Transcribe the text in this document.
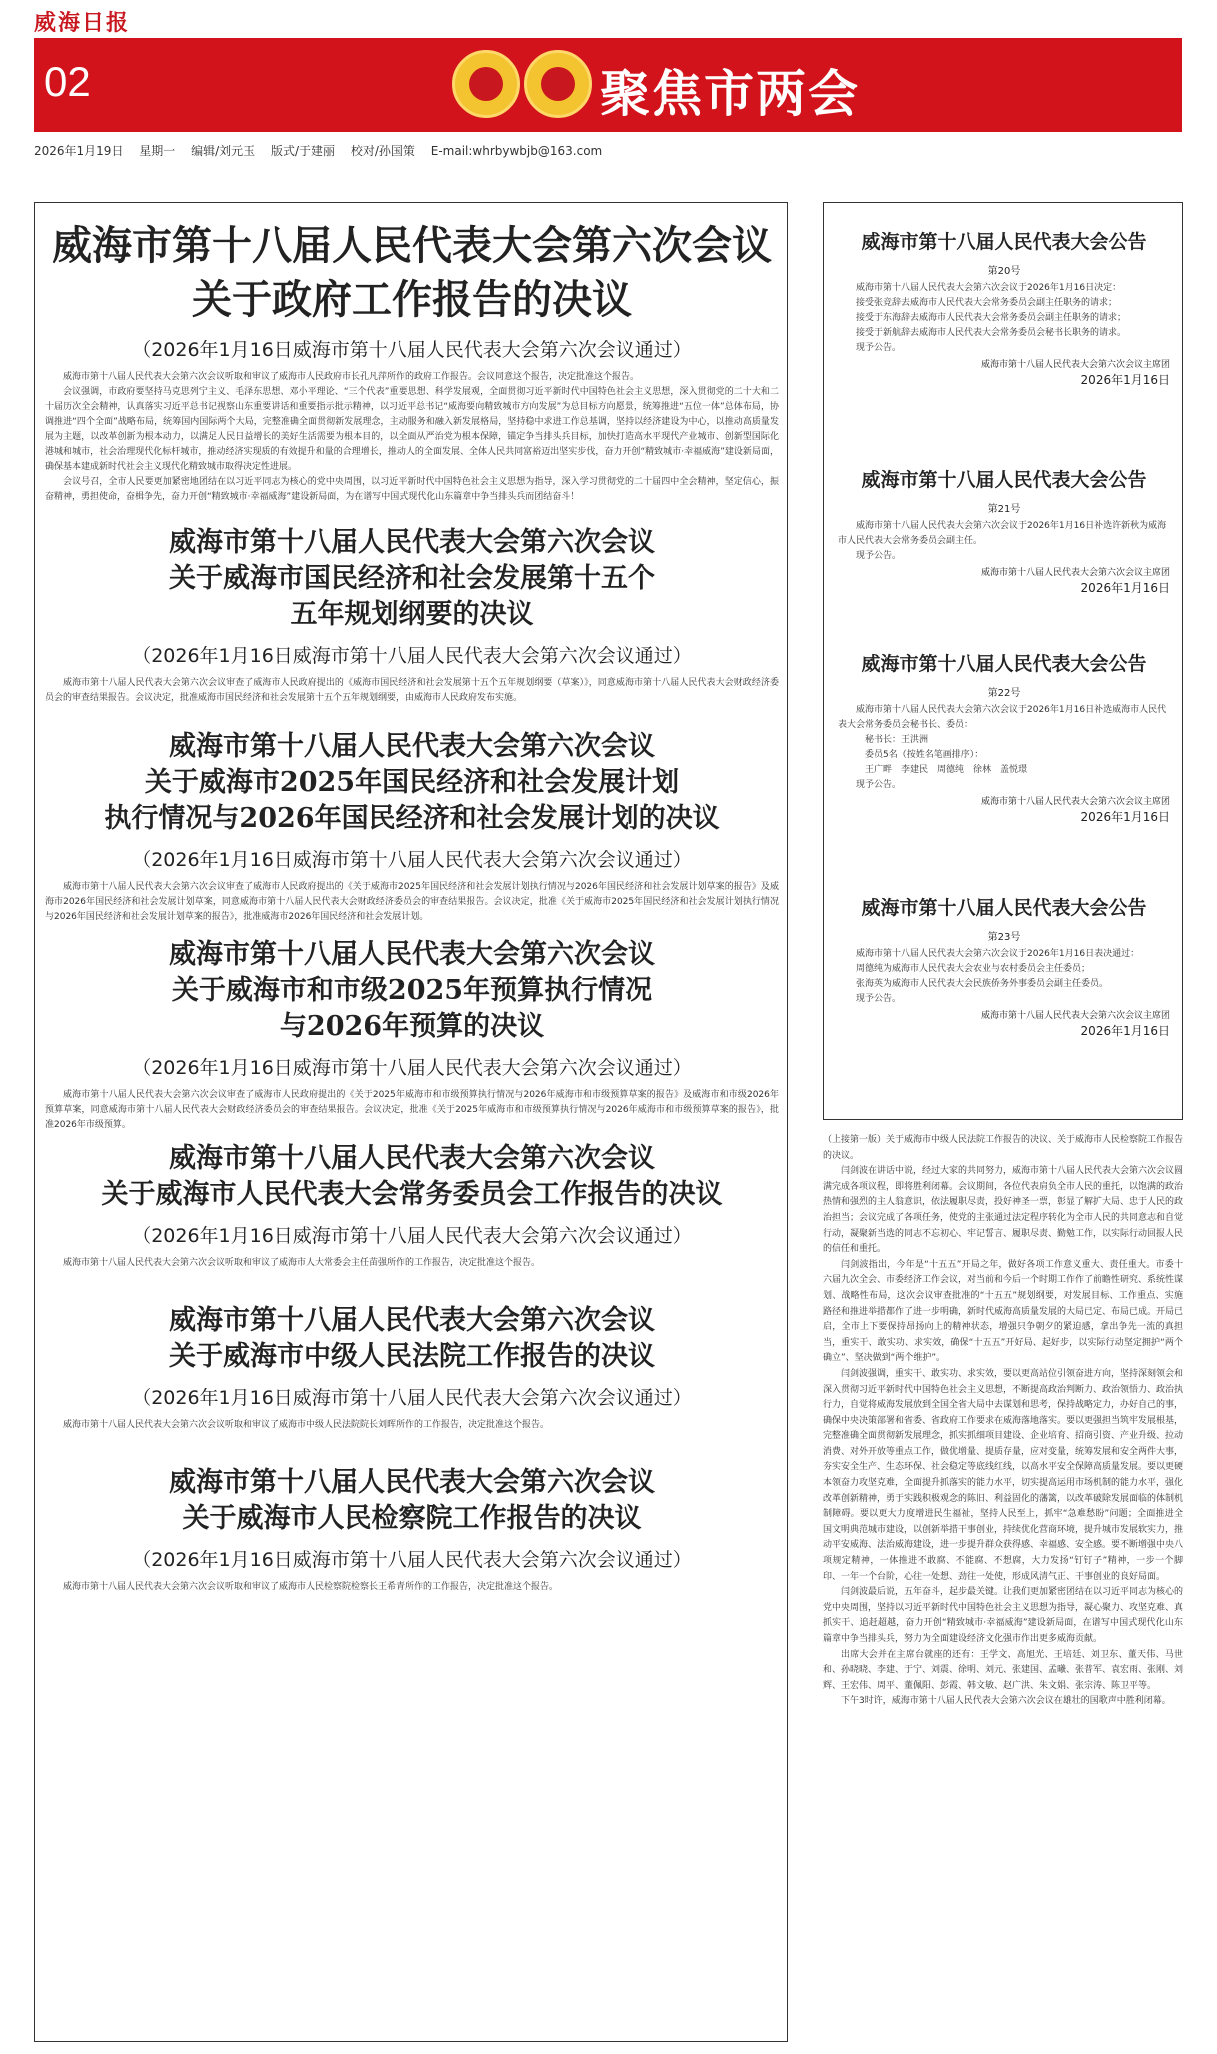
威海日报
02	聚焦市两会
2026年1月19日 星期一 编辑/刘元玉 版式/于建丽 校对/孙国策 E-mail:whrbywbjb@163.com
威海市第十八届人民代表大会第六次会议
关于政府工作报告的决议
（2026年1月16日威海市第十八届人民代表大会第六次会议通过）

威海市第十八届人民代表大会第六次会议听取和审议了威海市人民政府市长孔凡萍所作的政府工作报告。会议同意这个报告，决定批准这个报告。

会议强调，市政府要坚持马克思列宁主义、毛泽东思想、邓小平理论、“三个代表”重要思想、科学发展观，全面贯彻习近平新时代中国特色社会主义思想，深入贯彻党的二十大和二十届历次全会精神，认真落实习近平总书记视察山东重要讲话和重要指示批示精神，以习近平总书记“威海要向精致城市方向发展”为总目标方向愿景，统筹推进“五位一体”总体布局，协调推进“四个全面”战略布局，统筹国内国际两个大局，完整准确全面贯彻新发展理念，主动服务和融入新发展格局，坚持稳中求进工作总基调，坚持以经济建设为中心，以推动高质量发展为主题，以改革创新为根本动力，以满足人民日益增长的美好生活需要为根本目的，以全面从严治党为根本保障，锚定争当排头兵目标，加快打造高水平现代产业城市、创新型国际化港城和城市，社会治理现代化标杆城市，推动经济实现质的有效提升和量的合理增长，推动人的全面发展、全体人民共同富裕迈出坚实步伐，奋力开创“精致城市·幸福威海”建设新局面，确保基本建成新时代社会主义现代化精致城市取得决定性进展。

会议号召，全市人民要更加紧密地团结在以习近平同志为核心的党中央周围，以习近平新时代中国特色社会主义思想为指导，深入学习贯彻党的二十届四中全会精神，坚定信心，振奋精神，勇担使命，奋楫争先，奋力开创“精致城市·幸福威海”建设新局面，为在谱写中国式现代化山东篇章中争当排头兵而团结奋斗！

威海市第十八届人民代表大会第六次会议
关于威海市国民经济和社会发展第十五个
五年规划纲要的决议
（2026年1月16日威海市第十八届人民代表大会第六次会议通过）

威海市第十八届人民代表大会第六次会议审查了威海市人民政府提出的《威海市国民经济和社会发展第十五个五年规划纲要（草案）》，同意威海市第十八届人民代表大会财政经济委员会的审查结果报告。会议决定，批准威海市国民经济和社会发展第十五个五年规划纲要，由威海市人民政府发布实施。

威海市第十八届人民代表大会第六次会议
关于威海市2025年国民经济和社会发展计划
执行情况与2026年国民经济和社会发展计划的决议
（2026年1月16日威海市第十八届人民代表大会第六次会议通过）

威海市第十八届人民代表大会第六次会议审查了威海市人民政府提出的《关于威海市2025年国民经济和社会发展计划执行情况与2026年国民经济和社会发展计划草案的报告》及威海市2026年国民经济和社会发展计划草案，同意威海市第十八届人民代表大会财政经济委员会的审查结果报告。会议决定，批准《关于威海市2025年国民经济和社会发展计划执行情况与2026年国民经济和社会发展计划草案的报告》，批准威海市2026年国民经济和社会发展计划。

威海市第十八届人民代表大会第六次会议
关于威海市和市级2025年预算执行情况
与2026年预算的决议
（2026年1月16日威海市第十八届人民代表大会第六次会议通过）

威海市第十八届人民代表大会第六次会议审查了威海市人民政府提出的《关于2025年威海市和市级预算执行情况与2026年威海市和市级预算草案的报告》及威海市和市级2026年预算草案，同意威海市第十八届人民代表大会财政经济委员会的审查结果报告。会议决定，批准《关于2025年威海市和市级预算执行情况与2026年威海市和市级预算草案的报告》，批准2026年市级预算。

威海市第十八届人民代表大会第六次会议
关于威海市人民代表大会常务委员会工作报告的决议
（2026年1月16日威海市第十八届人民代表大会第六次会议通过）

威海市第十八届人民代表大会第六次会议听取和审议了威海市人大常委会主任苗强所作的工作报告，决定批准这个报告。

威海市第十八届人民代表大会第六次会议
关于威海市中级人民法院工作报告的决议
（2026年1月16日威海市第十八届人民代表大会第六次会议通过）

威海市第十八届人民代表大会第六次会议听取和审议了威海市中级人民法院院长刘晖所作的工作报告，决定批准这个报告。

威海市第十八届人民代表大会第六次会议
关于威海市人民检察院工作报告的决议
（2026年1月16日威海市第十八届人民代表大会第六次会议通过）

威海市第十八届人民代表大会第六次会议听取和审议了威海市人民检察院检察长王希青所作的工作报告，决定批准这个报告。

威海市第十八届人民代表大会公告
第20号

威海市第十八届人民代表大会第六次会议于2026年1月16日决定：

接受张竞辞去威海市人民代表大会常务委员会副主任职务的请求；

接受于东海辞去威海市人民代表大会常务委员会副主任职务的请求；

接受于新航辞去威海市人民代表大会常务委员会秘书长职务的请求。

现予公告。

威海市第十八届人民代表大会第六次会议主席团
2026年1月16日
威海市第十八届人民代表大会公告
第21号

威海市第十八届人民代表大会第六次会议于2026年1月16日补选许新秋为威海市人民代表大会常务委员会副主任。

现予公告。

威海市第十八届人民代表大会第六次会议主席团
2026年1月16日
威海市第十八届人民代表大会公告
第22号

威海市第十八届人民代表大会第六次会议于2026年1月16日补选威海市人民代表大会常务委员会秘书长、委员：

秘书长：王洪洲

委员5名（按姓名笔画排序）：

王广畔　李建民　周德纯　徐林　盖悦璟

现予公告。

威海市第十八届人民代表大会第六次会议主席团
2026年1月16日
威海市第十八届人民代表大会公告
第23号

威海市第十八届人民代表大会第六次会议于2026年1月16日表决通过：

周德纯为威海市人民代表大会农业与农村委员会主任委员；

张海英为威海市人民代表大会民族侨务外事委员会副主任委员。

现予公告。

威海市第十八届人民代表大会第六次会议主席团
2026年1月16日

（上接第一版）关于威海市中级人民法院工作报告的决议、关于威海市人民检察院工作报告的决议。

闫剑波在讲话中说，经过大家的共同努力，威海市第十八届人民代表大会第六次会议圆满完成各项议程，即将胜利闭幕。会议期间，各位代表肩负全市人民的重托，以饱满的政治热情和强烈的主人翁意识，依法履职尽责，投好神圣一票，彰显了解扩大局、忠于人民的政治担当；会议完成了各项任务，使党的主张通过法定程序转化为全市人民的共同意志和自觉行动，凝聚新当选的同志不忘初心、牢记誓言、履职尽责、勤勉工作，以实际行动回报人民的信任和重托。

闫剑波指出，今年是“十五五”开局之年，做好各项工作意义重大、责任重大。市委十六届九次全会、市委经济工作会议，对当前和今后一个时期工作作了前瞻性研究、系统性谋划、战略性布局，这次会议审查批准的“十五五”规划纲要，对发展目标、工作重点、实施路径和推进举措都作了进一步明确，新时代威海高质量发展的大局已定、布局已成。开局已启，全市上下要保持昂扬向上的精神状态，增强只争朝夕的紧迫感，拿出争先一流的真担当，重实干、敢实功、求实效，确保“十五五”开好局、起好步，以实际行动坚定拥护“两个确立”、坚决做到“两个维护”。

闫剑波强调，重实干、敢实功、求实效，要以更高站位引领奋进方向，坚持深刻领会和深入贯彻习近平新时代中国特色社会主义思想，不断提高政治判断力、政治领悟力、政治执行力，自觉将威海发展放到全国全省大局中去谋划和思考，保持战略定力，办好自己的事，确保中央决策部署和省委、省政府工作要求在威海落地落实。要以更强担当筑牢发展根基，完整准确全面贯彻新发展理念，抓实抓细项目建设、企业培育、招商引资、产业升级、拉动消费、对外开放等重点工作，做优增量、提质存量，应对变量，统筹发展和安全两件大事，夯实安全生产、生态环保、社会稳定等底线红线，以高水平安全保障高质量发展。要以更硬本领奋力攻坚克难，全面提升抓落实的能力水平，切实提高运用市场机制的能力水平，强化改革创新精神，勇于实践积极观念的陈旧、利益固化的藩篱，以改革破除发展面临的体制机制障碍。要以更大力度增进民生福祉，坚持人民至上，抓牢“急难愁盼”问题；全面推进全国文明典范城市建设，以创新举措干事创业，持续优化营商环境，提升城市发展软实力，推动平安威海、法治威海建设，进一步提升群众获得感、幸福感、安全感。要不断增强中央八项规定精神，一体推进不敢腐、不能腐、不想腐，大力发扬“钉钉子”精神，一步一个脚印、一年一个台阶，心往一处想、劲往一处使，形成风清气正、干事创业的良好局面。

闫剑波最后说，五年奋斗，起步最关键。让我们更加紧密团结在以习近平同志为核心的党中央周围，坚持以习近平新时代中国特色社会主义思想为指导，凝心聚力、攻坚克难、真抓实干、追赶超越，奋力开创“精致城市·幸福威海”建设新局面，在谱写中国式现代化山东篇章中争当排头兵，努力为全面建设经济文化强市作出更多威海贡献。

出席大会并在主席台就座的还有：王学文、高旭光、王培廷、刘卫东、董天伟、马世和、孙晓晓、李建、于宁、刘震、徐明、刘元、张建国、孟曦、张普军、袁宏雨、张刚、刘辉、王宏伟、周平、董佩阳、彭霞、韩文敏、赵广洪、朱文娟、张宗涛、陈卫平等。

下午3时许，威海市第十八届人民代表大会第六次会议在雄壮的国歌声中胜利闭幕。
